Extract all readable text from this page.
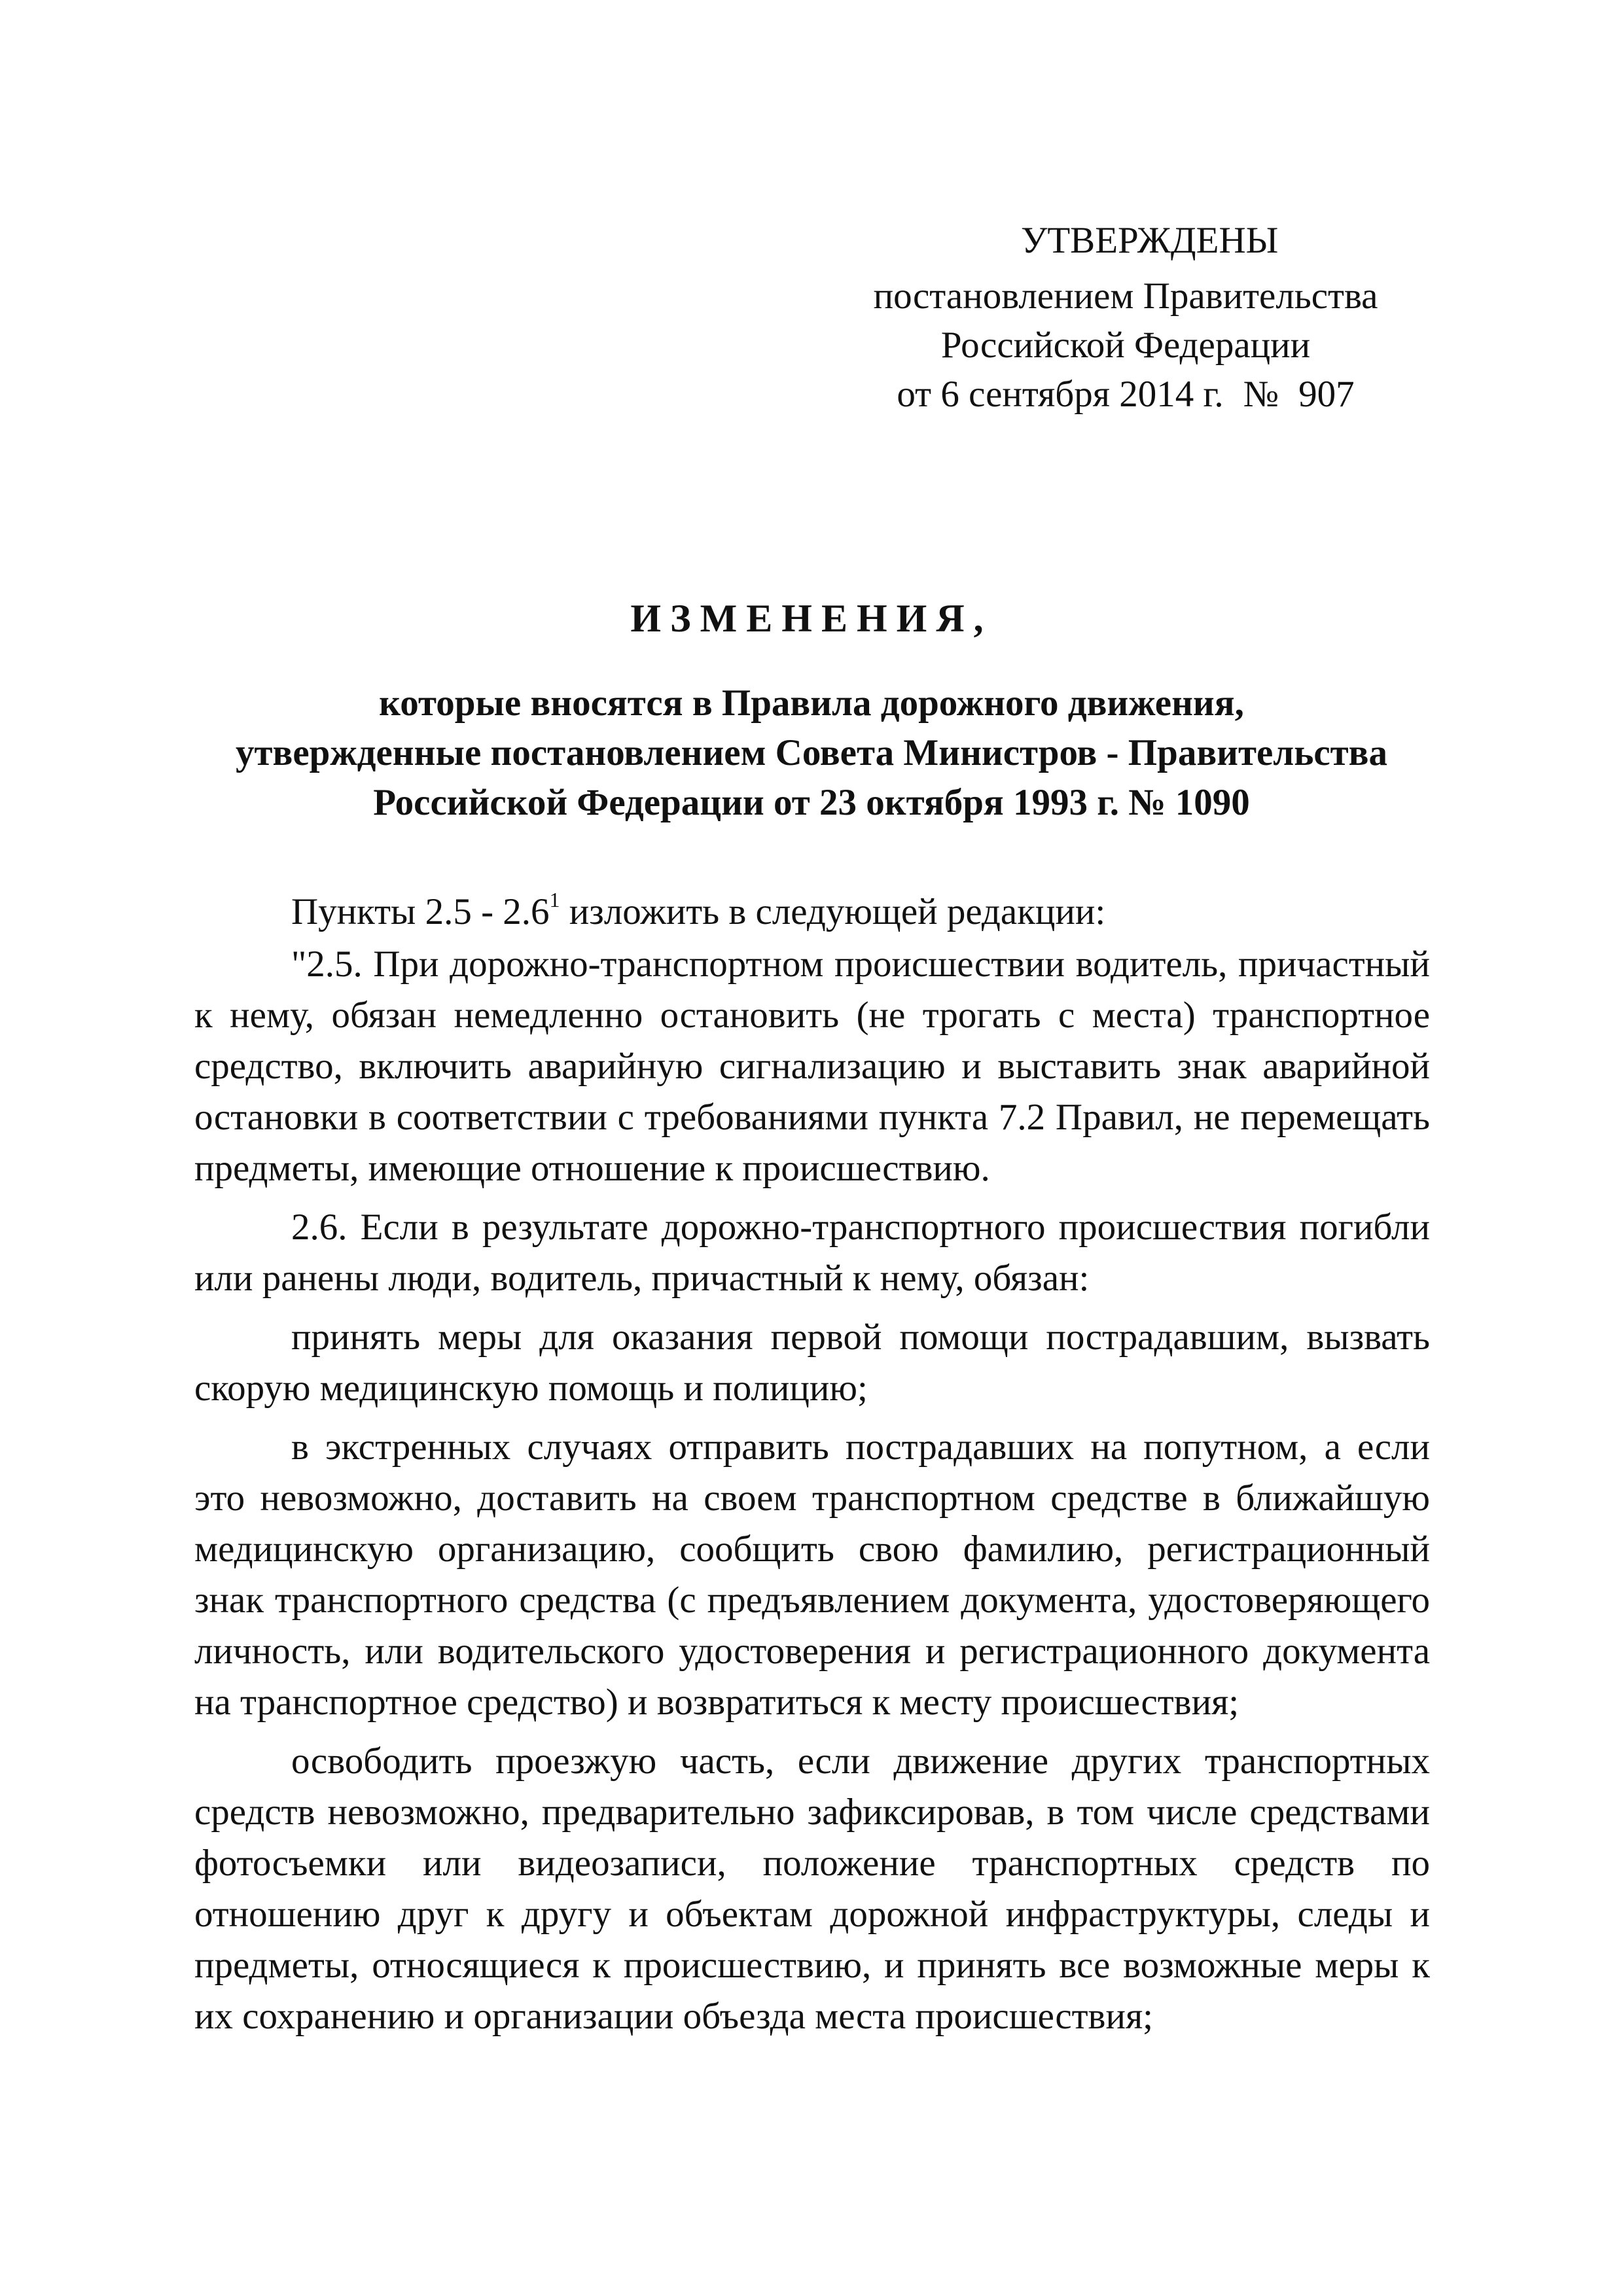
УТВЕРЖДЕНЫ
постановлением Правительства
Российской Федерации
от 6 сентября 2014 г. № 907
ИЗМЕНЕНИЯ,
которые вносятся в Правила дорожного движения,
утвержденные постановлением Совета Министров - Правительства
Российской Федерации от 23 октября 1993 г. № 1090

Пункты $2.5 - 2.6^1$ изложить в следующей редакции:

"2.5. При дорожно-транспортном происшествии водитель, причастный к нему, обязан немедленно остановить (не трогать с места) транспортное средство, включить аварийную сигнализацию и выставить знак аварийной остановки в соответствии с требованиями пункта 7.2 Правил, не перемещать предметы, имеющие отношение к происшествию.

2.6. Если в результате дорожно-транспортного происшествия погибли или ранены люди, водитель, причастный к нему, обязан:

принять меры для оказания первой помощи пострадавшим, вызвать скорую медицинскую помощь и полицию;

в экстренных случаях отправить пострадавших на попутном, а если это невозможно, доставить на своем транспортном средстве в ближайшую медицинскую организацию, сообщить свою фамилию, регистрационный знак транспортного средства (с предъявлением документа, удостоверяющего личность, или водительского удостоверения и регистрационного документа на транспортное средство) и возвратиться к месту происшествия;

освободить проезжую часть, если движение других транспортных средств невозможно, предварительно зафиксировав, в том числе средствами фотосъемки или видеозаписи, положение транспортных средств по отношению друг к другу и объектам дорожной инфраструктуры, следы и предметы, относящиеся к происшествию, и принять все возможные меры к их сохранению и организации объезда места происшествия;
